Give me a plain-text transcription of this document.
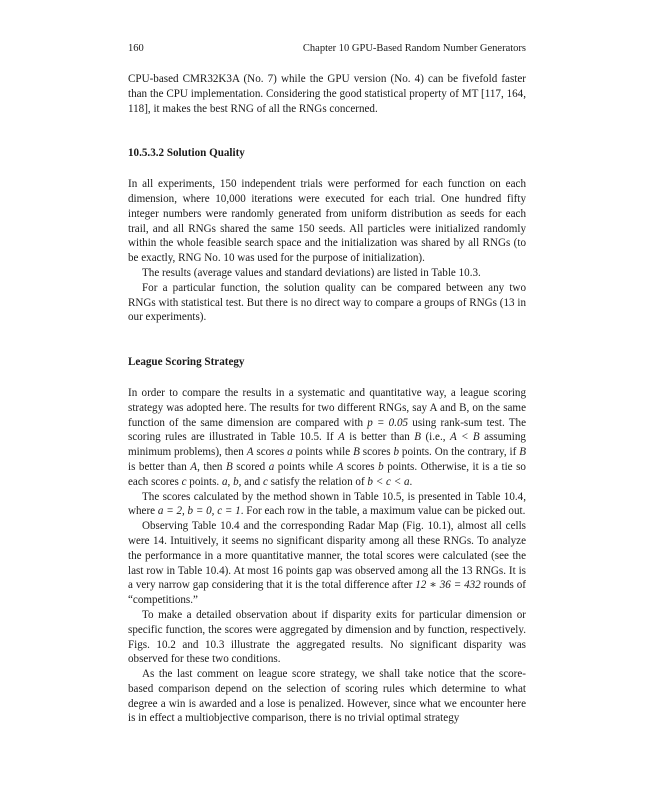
160	Chapter 10 GPU-Based Random Number Generators

CPU-based CMR32K3A (No. 7) while the GPU version (No. 4) can be fivefold faster than the CPU implementation. Considering the good statistical property of MT [117, 164, 118], it makes the best RNG of all the RNGs concerned.

10.5.3.2 Solution Quality

In all experiments, 150 independent trials were performed for each function on each dimension, where 10,000 iterations were executed for each trial. One hundred fifty integer numbers were randomly generated from uniform distribution as seeds for each trail, and all RNGs shared the same 150 seeds. All particles were initialized randomly within the whole feasible search space and the initialization was shared by all RNGs (to be exactly, RNG No. 10 was used for the purpose of initialization).

The results (average values and standard deviations) are listed in Table 10.3.

For a particular function, the solution quality can be compared between any two RNGs with statistical test. But there is no direct way to compare a groups of RNGs (13 in our experiments).

League Scoring Strategy

In order to compare the results in a systematic and quantitative way, a league scoring strategy was adopted here. The results for two different RNGs, say A and B, on the same function of the same dimension are compared with p = 0.05 using rank-sum test. The scoring rules are illustrated in Table 10.5. If A is better than B (i.e., A < B assuming minimum problems), then A scores a points while B scores b points. On the contrary, if B is better than A, then B scored a points while A scores b points. Otherwise, it is a tie so each scores c points. a, b, and c satisfy the relation of b < c < a.

The scores calculated by the method shown in Table 10.5, is presented in Table 10.4, where a = 2, b = 0, c = 1. For each row in the table, a maximum value can be picked out.

Observing Table 10.4 and the corresponding Radar Map (Fig. 10.1), almost all cells were 14. Intuitively, it seems no significant disparity among all these RNGs. To analyze the performance in a more quantitative manner, the total scores were calculated (see the last row in Table 10.4). At most 16 points gap was observed among all the 13 RNGs. It is a very narrow gap considering that it is the total difference after 12 ∗ 36 = 432 rounds of “competitions.”

To make a detailed observation about if disparity exits for particular dimension or specific function, the scores were aggregated by dimension and by function, respectively. Figs. 10.2 and 10.3 illustrate the aggregated results. No significant disparity was observed for these two conditions.

As the last comment on league score strategy, we shall take notice that the score-based comparison depend on the selection of scoring rules which determine to what degree a win is awarded and a lose is penalized. However, since what we encounter here is in effect a multiobjective comparison, there is no trivial optimal strategy
